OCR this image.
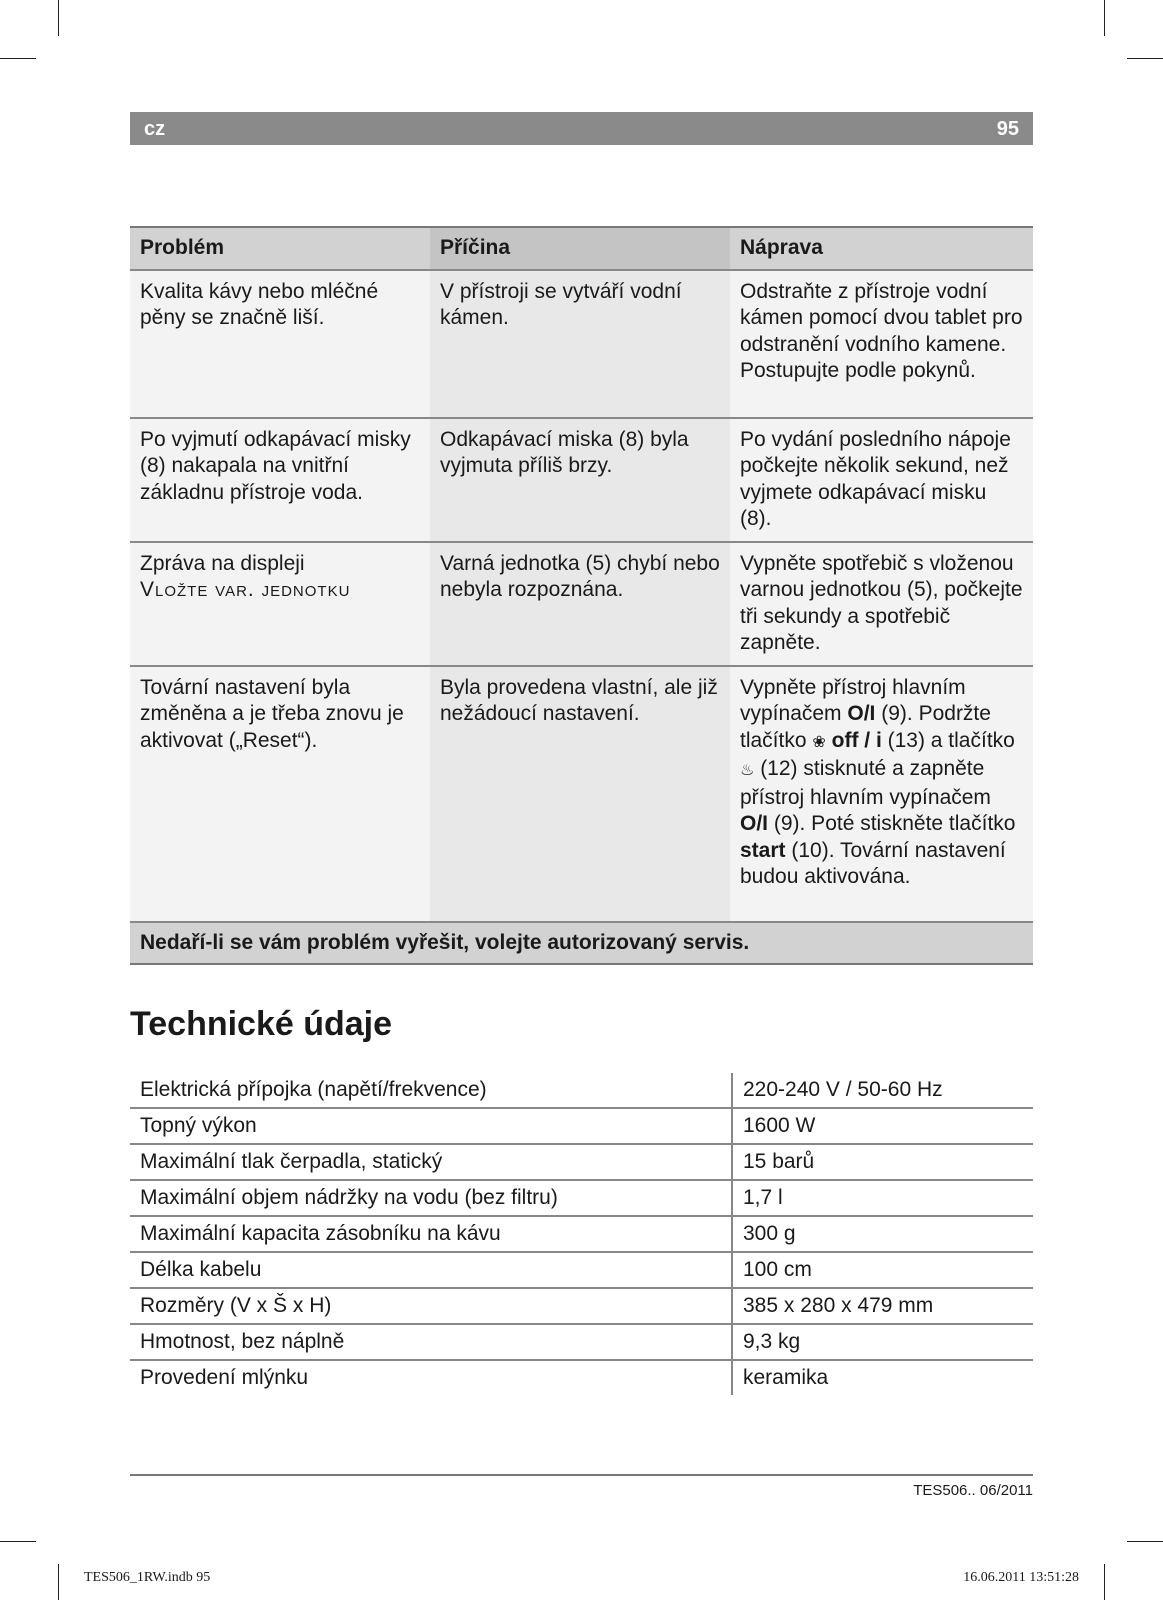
cz	95
Problém	Příčina	Náprava
Kvalita kávy nebo mléčné pěny se značně liší.	V přístroji se vytváří vodní kámen.	Odstraňte z přístroje vodní kámen pomocí dvou tablet pro odstranění vodního kamene. Postupujte podle pokynů.
Po vyjmutí odkapávací misky (8) nakapala na vnitřní základnu přístroje voda.	Odkapávací miska (8) byla vyjmuta příliš brzy.	Po vydání posledního nápoje počkejte několik sekund, než vyjmete odkapávací misku (8).
Zpráva na displeji
Vložte var. jednotku	Varná jednotka (5) chybí nebo nebyla rozpoznána.	Vypněte spotřebič s vloženou varnou jednotkou (5), počkejte tři sekundy a spotřebič zapněte.
Tovární nastavení byla změněna a je třeba znovu je aktivovat („Reset“).	Byla provedena vlastní, ale již nežádoucí nastavení.	Vypněte přístroj hlavním vypínačem O/I (9). Podržte tlačítko ❀ off / i (13) a tlačítko ♨ (12) stisknuté a zapněte přístroj hlavním vypínačem O/I (9). Poté stiskněte tlačítko start (10). Tovární nastavení budou aktivována.
Nedaří-li se vám problém vyřešit, volejte autorizovaný servis.		
Technické údaje
Elektrická přípojka (napětí/frekvence)	220-240 V / 50-60 Hz
Topný výkon	1600 W
Maximální tlak čerpadla, statický	15 barů
Maximální objem nádržky na vodu (bez filtru)	1,7 l
Maximální kapacita zásobníku na kávu	300 g
Délka kabelu	100 cm
Rozměry (V x Š x H)	385 x 280 x 479 mm
Hmotnost, bez náplně	9,3 kg
Provedení mlýnku	keramika
TES506.. 06/2011
TES506_1RW.indb 95	16.06.2011 13:51:28
